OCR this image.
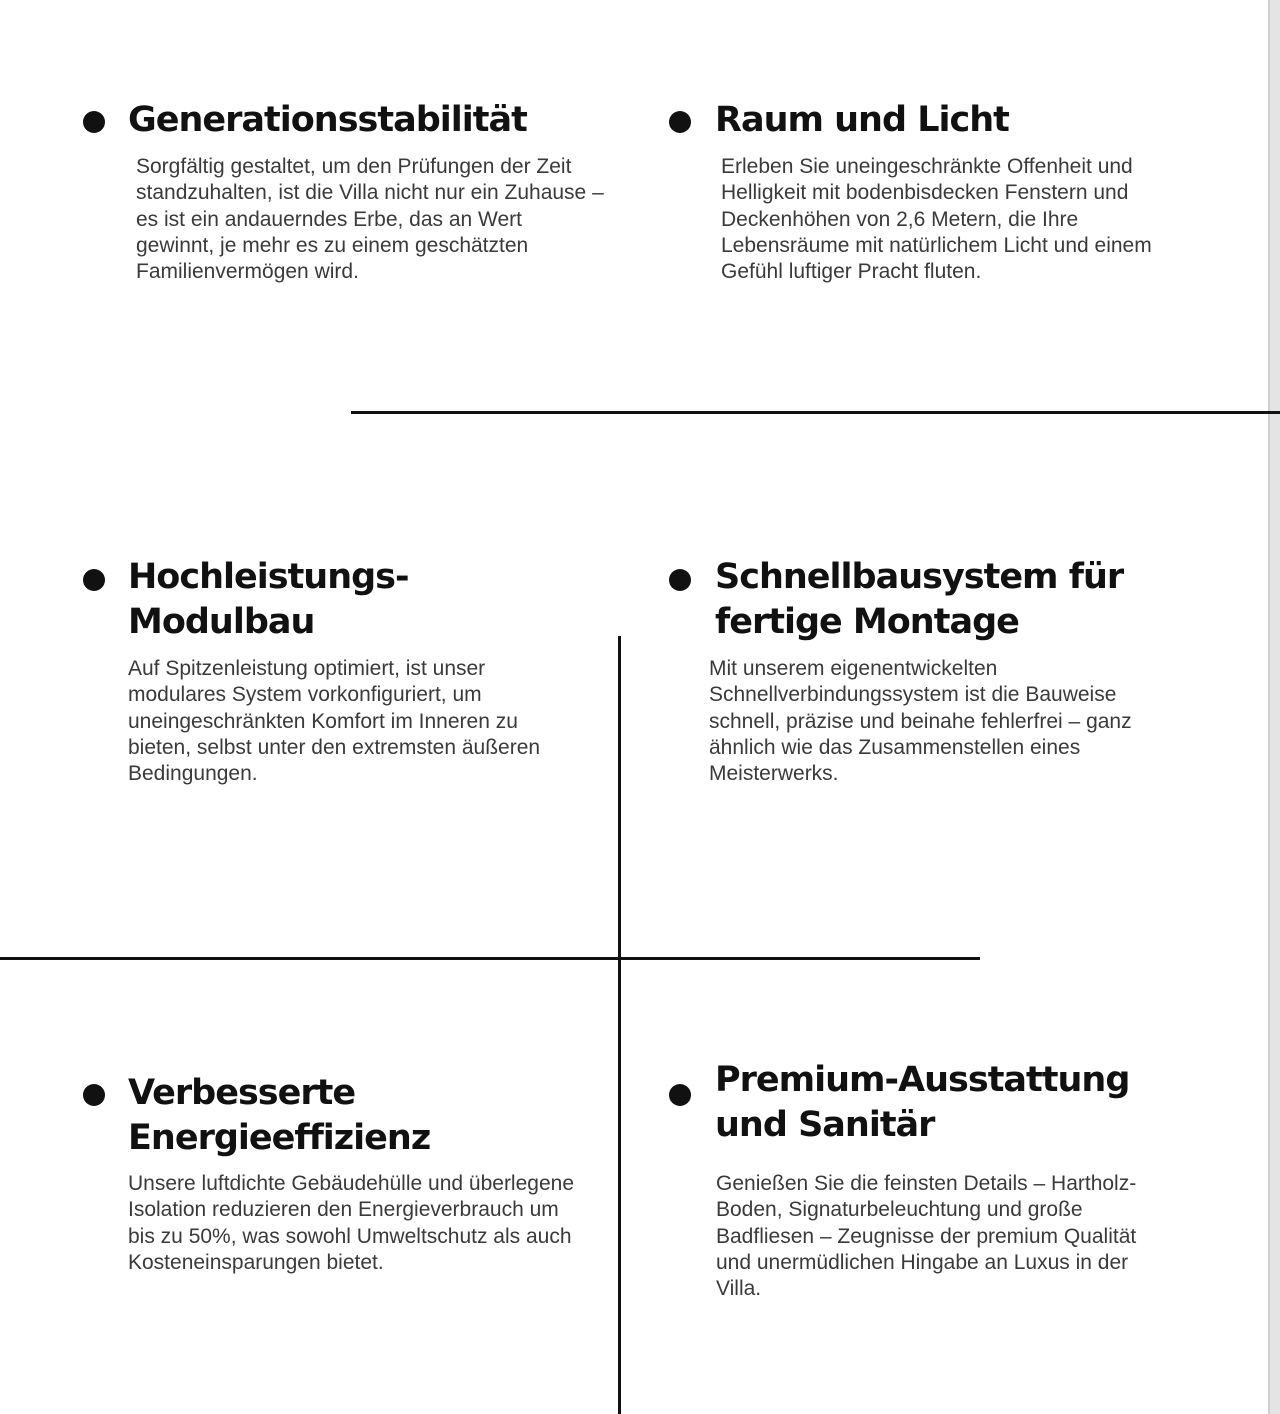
Generationsstabilität

Sorgfältig gestaltet, um den Prüfungen der Zeit standzuhalten, ist die Villa nicht nur ein Zuhause – es ist ein andauerndes Erbe, das an Wert gewinnt, je mehr es zu einem geschätzten Familienvermögen wird.

Raum und Licht

Erleben Sie uneingeschränkte Offenheit und Helligkeit mit bodenbisdecken Fenstern und Deckenhöhen von 2,6 Metern, die Ihre Lebensräume mit natürlichem Licht und einem Gefühl luftiger Pracht fluten.

Hochleistungs-
Modulbau

Auf Spitzenleistung optimiert, ist unser modulares System vorkonfiguriert, um uneingeschränkten Komfort im Inneren zu bieten, selbst unter den extremsten äußeren Bedingungen.

Schnellbausystem für
fertige Montage

Mit unserem eigenentwickelten Schnellverbindungssystem ist die Bauweise schnell, präzise und beinahe fehlerfrei – ganz ähnlich wie das Zusammenstellen eines Meisterwerks.

Verbesserte
Energieeffizienz

Unsere luftdichte Gebäudehülle und überlegene Isolation reduzieren den Energieverbrauch um bis zu 50%, was sowohl Umweltschutz als auch Kosteneinsparungen bietet.

Premium-Ausstattung
und Sanitär

Genießen Sie die feinsten Details – Hartholz-Boden, Signaturbeleuchtung und große Badfliesen – Zeugnisse der premium Qualität und unermüdlichen Hingabe an Luxus in der Villa.
